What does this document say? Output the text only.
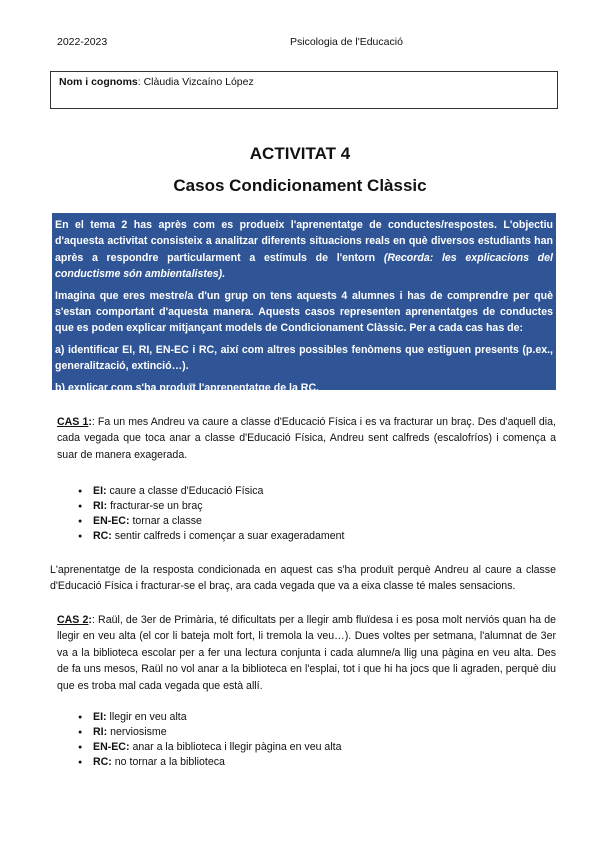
2022-2023	Psicologia de l'Educació
Nom i cognoms: Clàudia Vizcaíno López
ACTIVITAT 4
Casos Condicionament Clàssic

En el tema 2 has après com es produeix l'aprenentatge de conductes/respostes. L'objectiu d'aquesta activitat consisteix a analitzar diferents situacions reals en què diversos estudiants han après a respondre particularment a estímuls de l'entorn (Recorda: les explicacions del conductisme són ambientalistes).

Imagina que eres mestre/a d'un grup on tens aquests 4 alumnes i has de comprendre per què s'estan comportant d'aquesta manera. Aquests casos representen aprenentatges de conductes que es poden explicar mitjançant models de Condicionament Clàssic. Per a cada cas has de:

a) identificar EI, RI, EN-EC i RC, així com altres possibles fenòmens que estiguen presents (p.ex., generalització, extinció…).

b) explicar com s'ha produït l'aprenentatge de la RC.

CAS 1:: Fa un mes Andreu va caure a classe d'Educació Física i es va fracturar un braç. Des d'aquell dia, cada vegada que toca anar a classe d'Educació Física, Andreu sent calfreds (escalofríos) i comença a suar de manera exagerada.
● EI: caure a classe d'Educació Física
● RI: fracturar-se un braç
● EN-EC: tornar a classe
● RC: sentir calfreds i començar a suar exageradament
L'aprenentatge de la resposta condicionada en aquest cas s'ha produït perquè Andreu al caure a classe d'Educació Física i fracturar-se el braç, ara cada vegada que va a eixa classe té males sensacions.
CAS 2:: Raül, de 3er de Primària, té dificultats per a llegir amb fluïdesa i es posa molt nerviós quan ha de llegir en veu alta (el cor li bateja molt fort, li tremola la veu…). Dues voltes per setmana, l'alumnat de 3er va a la biblioteca escolar per a fer una lectura conjunta i cada alumne/a llig una pàgina en veu alta. Des de fa uns mesos, Raül no vol anar a la biblioteca en l'esplai, tot i que hi ha jocs que li agraden, perquè diu que es troba mal cada vegada que està allí.
● EI: llegir en veu alta
● RI: nerviosisme
● EN-EC: anar a la biblioteca i llegir pàgina en veu alta
● RC: no tornar a la biblioteca
